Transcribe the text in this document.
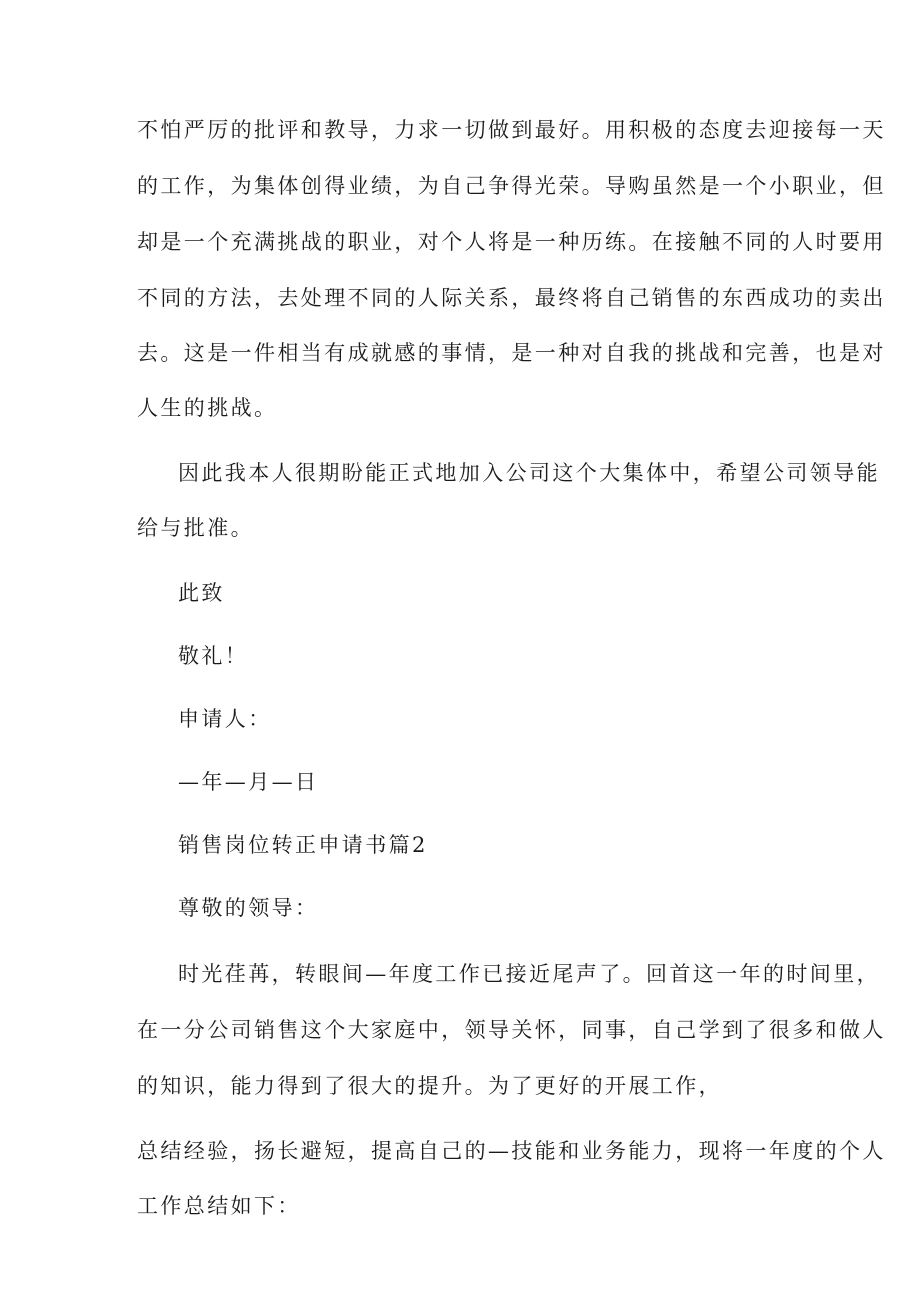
不怕严厉的批评和教导，力求一切做到最好。用积极的态度去迎接每一天

的工作，为集体创得业绩，为自己争得光荣。导购虽然是一个小职业，但

却是一个充满挑战的职业，对个人将是一种历练。在接触不同的人时要用

不同的方法，去处理不同的人际关系，最终将自己销售的东西成功的卖出

去。这是一件相当有成就感的事情，是一种对自我的挑战和完善，也是对

人生的挑战。

因此我本人很期盼能正式地加入公司这个大集体中，希望公司领导能

给与批准。

此致

敬礼！

申请人：

—年—月—日

销售岗位转正申请书篇2

尊敬的领导：

时光荏苒，转眼间—年度工作已接近尾声了。回首这一年的时间里，

在一分公司销售这个大家庭中，领导关怀，同事，自己学到了很多和做人

的知识，能力得到了很大的提升。为了更好的开展工作，

总结经验，扬长避短，提高自己的—技能和业务能力，现将一年度的个人

工作总结如下：
